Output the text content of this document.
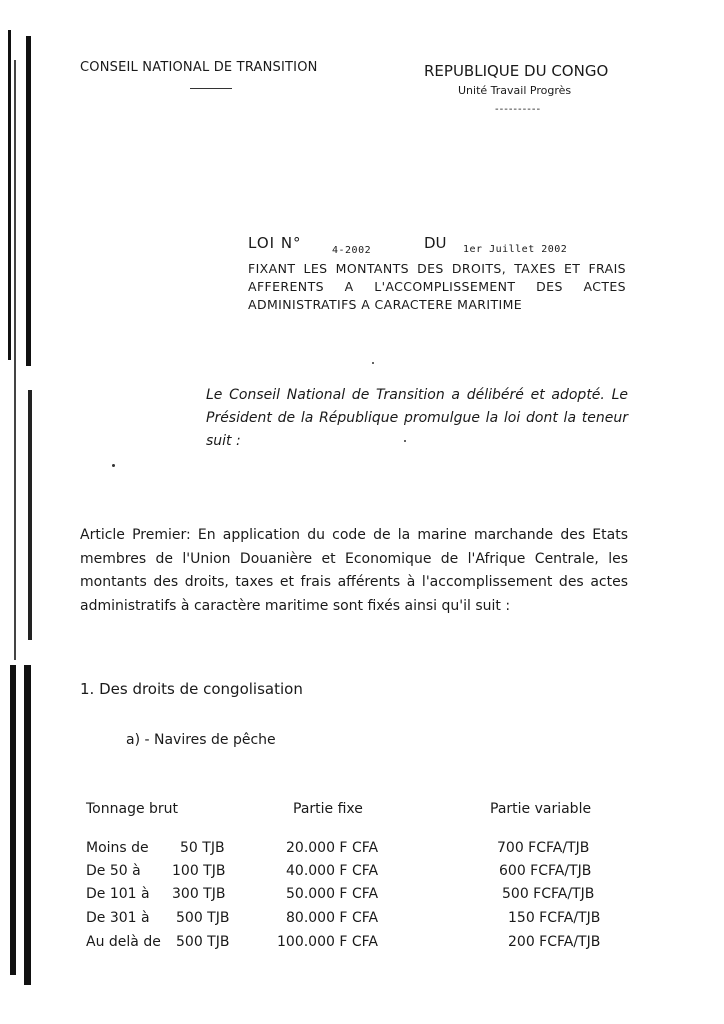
CONSEIL NATIONAL DE TRANSITION	REPUBLIQUE DU CONGO
Unité Travail Progrès
----------
LOI N°	4-2002	DU 1er Juillet 2002
FIXANT LES MONTANTS DES DROITS, TAXES ET FRAIS AFFERENTS A L'ACCOMPLISSEMENT DES ACTES ADMINISTRATIFS A CARACTERE MARITIME
Le Conseil National de Transition a délibéré et adopté. Le Président de la République promulgue la loi dont la teneur suit :
Article Premier: En application du code de la marine marchande des Etats membres de l'Union Douanière et Economique de l'Afrique Centrale, les montants des droits, taxes et frais afférents à l'accomplissement des actes administratifs à caractère maritime sont fixés ainsi qu'il suit :
1. Des droits de congolisation
a) - Navires de pêche
Tonnage brut	Partie fixe	Partie variable
Moins de 50 TJB	20.000 F CFA	700 FCFA/TJB
De 50 à 100 TJB	40.000 F CFA	600 FCFA/TJB
De 101 à 300 TJB	50.000 F CFA	500 FCFA/TJB
De 301 à 500 TJB	80.000 F CFA	150 FCFA/TJB
Au delà de 500 TJB	100.000 F CFA	200 FCFA/TJB
